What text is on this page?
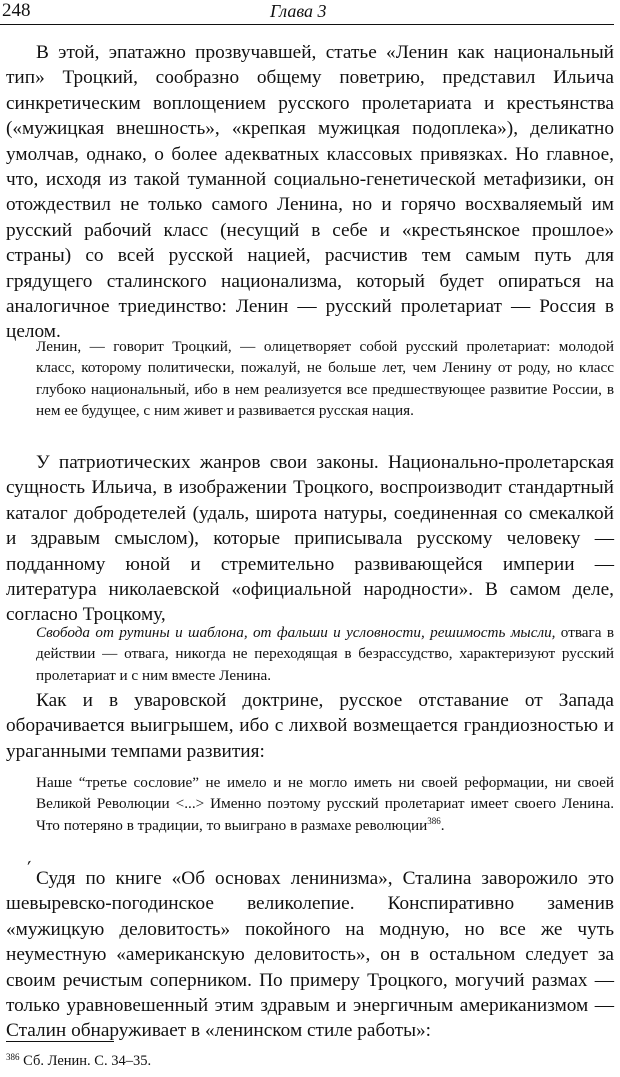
248	Глава 3

В этой, эпатажно прозвучавшей, статье «Ленин как национальный тип» Троцкий, сообразно общему поветрию, представил Ильича синкретическим воплощением русского пролетариата и крестьянства («мужицкая внешность», «крепкая мужицкая подоплека»), деликатно умолчав, однако, о более адекватных классовых привязках. Но главное, что, исходя из такой туманной социально-генетической метафизики, он отождествил не только самого Ленина, но и горячо восхваляемый им русский рабочий класс (несущий в себе и «крестьянское прошлое» страны) со всей русской нацией, расчистив тем самым путь для грядущего сталинского национализма, который будет опираться на аналогичное триединство: Ленин — русский пролетариат — Россия в целом.

Ленин, — говорит Троцкий, — олицетворяет собой русский пролетариат: молодой класс, которому политически, пожалуй, не больше лет, чем Ленину от роду, но класс глубоко национальный, ибо в нем реализуется все предшествующее развитие России, в нем ее будущее, с ним живет и развивается русская нация.

У патриотических жанров свои законы. Национально-пролетарская сущность Ильича, в изображении Троцкого, воспроизводит стандартный каталог добродетелей (удаль, широта натуры, соединенная со смекалкой и здравым смыслом), которые приписывала русскому человеку — подданному юной и стремительно развивающейся империи — литература николаевской «официальной народности». В самом деле, согласно Троцкому,

Свобода от рутины и шаблона, от фальши и условности, решимость мысли, отвага в действии — отвага, никогда не переходящая в безрассудство, характеризуют русский пролетариат и с ним вместе Ленина.

Как и в уваровской доктрине, русское отставание от Запада оборачивается выигрышем, ибо с лихвой возмещается грандиозностью и ураганными темпами развития:

Наше “третье сословие” не имело и не могло иметь ни своей реформации, ни своей Великой Революции <...> Именно поэтому русский пролетариат имеет своего Ленина. Что потеряно в традиции, то выиграно в размахе революции$^{386}$.

ˊ

Судя по книге «Об основах ленинизма», Сталина заворожило это шевыревско-погодинское великолепие. Конспиративно заменив «мужицкую деловитость» покойного на модную, но все же чуть неуместную «американскую деловитость», он в остальном следует за своим речистым соперником. По примеру Троцкого, могучий размах — только уравновешенный этим здравым и энергичным американизмом — Сталин обнаруживает в «ленинском стиле работы»:

$^{386}$ Сб. Ленин. С. 34–35.
